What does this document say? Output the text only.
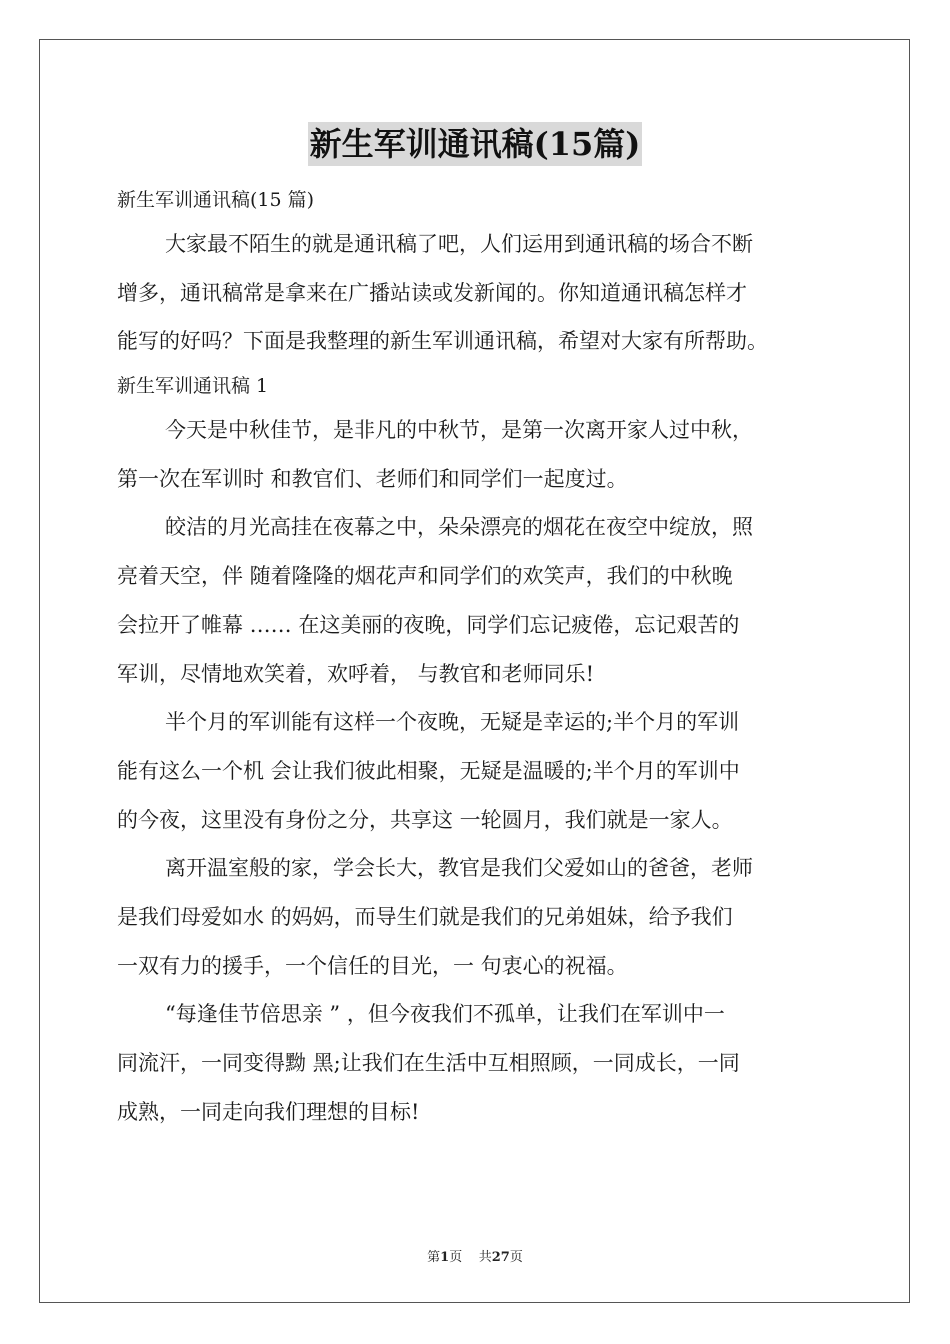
新生军训通讯稿(15篇)
新生军训通讯稿(15 篇)
大家最不陌生的就是通讯稿了吧，人们运用到通讯稿的场合不断
增多，通讯稿常是拿来在广播站读或发新闻的。你知道通讯稿怎样才
能写的好吗？下面是我整理的新生军训通讯稿，希望对大家有所帮助。
新生军训通讯稿 1
今天是中秋佳节，是非凡的中秋节，是第一次离开家人过中秋，
第一次在军训时 和教官们、老师们和同学们一起度过。
皎洁的月光高挂在夜幕之中，朵朵漂亮的烟花在夜空中绽放，照
亮着天空，伴 随着隆隆的烟花声和同学们的欢笑声，我们的中秋晚
会拉开了帷幕 …… 在这美丽的夜晚，同学们忘记疲倦，忘记艰苦的
军训，尽情地欢笑着，欢呼着， 与教官和老师同乐!
半个月的军训能有这样一个夜晚，无疑是幸运的;半个月的军训
能有这么一个机 会让我们彼此相聚，无疑是温暖的;半个月的军训中
的今夜，这里没有身份之分，共享这 一轮圆月，我们就是一家人。
离开温室般的家，学会长大，教官是我们父爱如山的爸爸，老师
是我们母爱如水 的妈妈，而导生们就是我们的兄弟姐妹，给予我们
一双有力的援手，一个信任的目光，一 句衷心的祝福。
“每逢佳节倍思亲 ” ，但今夜我们不孤单，让我们在军训中一
同流汗，一同变得黝 黑;让我们在生活中互相照顾，一同成长，一同
成熟，一同走向我们理想的目标!
第1页 共27页
